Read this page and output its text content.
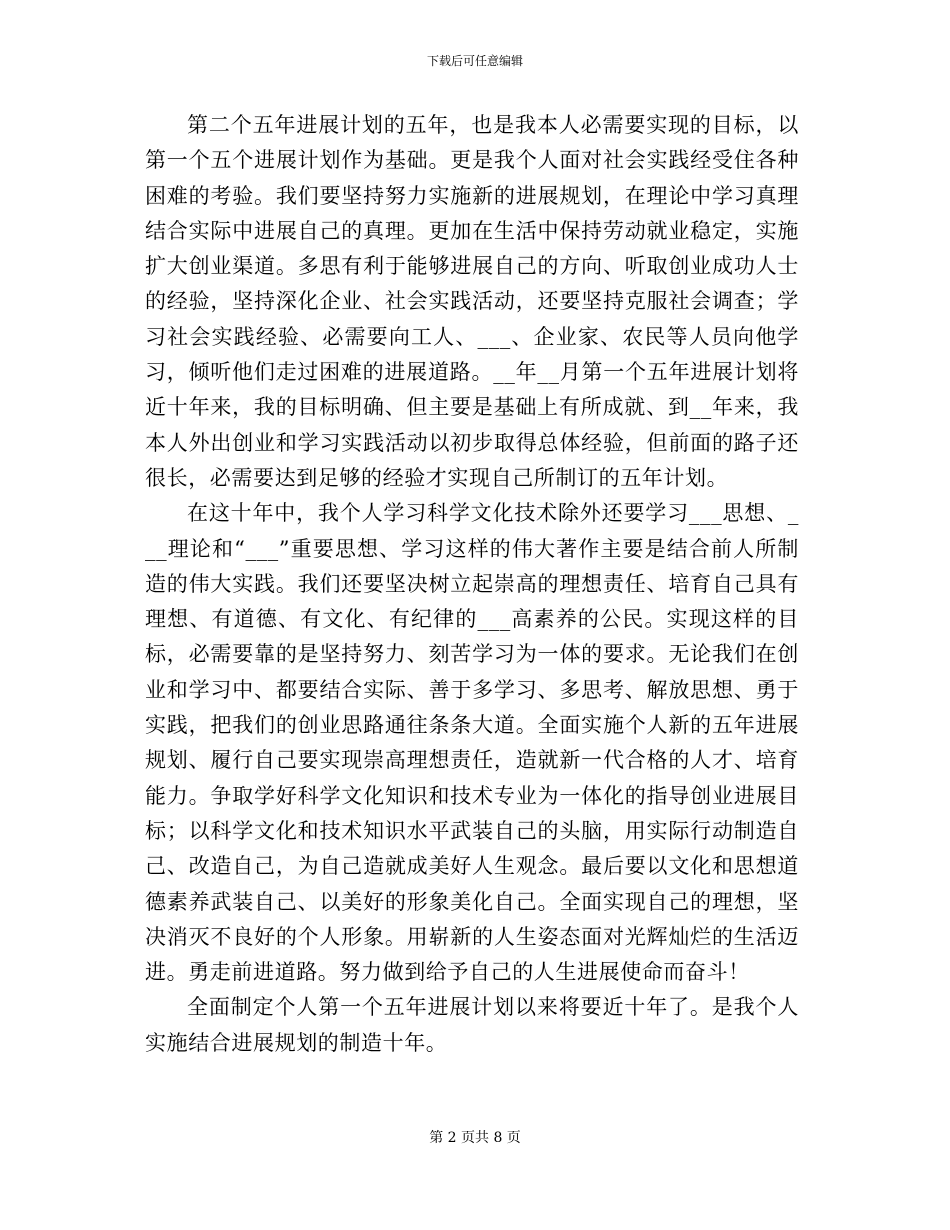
下载后可任意编辑

第二个五年进展计划的五年，也是我本人必需要实现的目标，以第一个五个进展计划作为基础。更是我个人面对社会实践经受住各种困难的考验。我们要坚持努力实施新的进展规划，在理论中学习真理结合实际中进展自己的真理。更加在生活中保持劳动就业稳定，实施扩大创业渠道。多思有利于能够进展自己的方向、听取创业成功人士的经验，坚持深化企业、社会实践活动，还要坚持克服社会调查；学习社会实践经验、必需要向工人、___、企业家、农民等人员向他学习，倾听他们走过困难的进展道路。__年__月第一个五年进展计划将近十年来，我的目标明确、但主要是基础上有所成就、到__年来，我本人外出创业和学习实践活动以初步取得总体经验，但前面的路子还很长，必需要达到足够的经验才实现自己所制订的五年计划。

在这十年中，我个人学习科学文化技术除外还要学习___思想、___理论和“___”重要思想、学习这样的伟大著作主要是结合前人所制造的伟大实践。我们还要坚决树立起崇高的理想责任、培育自己具有理想、有道德、有文化、有纪律的___高素养的公民。实现这样的目标，必需要靠的是坚持努力、刻苦学习为一体的要求。无论我们在创业和学习中、都要结合实际、善于多学习、多思考、解放思想、勇于实践，把我们的创业思路通往条条大道。全面实施个人新的五年进展规划、履行自己要实现崇高理想责任，造就新一代合格的人才、培育能力。争取学好科学文化知识和技术专业为一体化的指导创业进展目标；以科学文化和技术知识水平武装自己的头脑，用实际行动制造自己、改造自己，为自己造就成美好人生观念。最后要以文化和思想道德素养武装自己、以美好的形象美化自己。全面实现自己的理想，坚决消灭不良好的个人形象。用崭新的人生姿态面对光辉灿烂的生活迈进。勇走前进道路。努力做到给予自己的人生进展使命而奋斗！

全面制定个人第一个五年进展计划以来将要近十年了。是我个人实施结合进展规划的制造十年。

第 2 页共 8 页
